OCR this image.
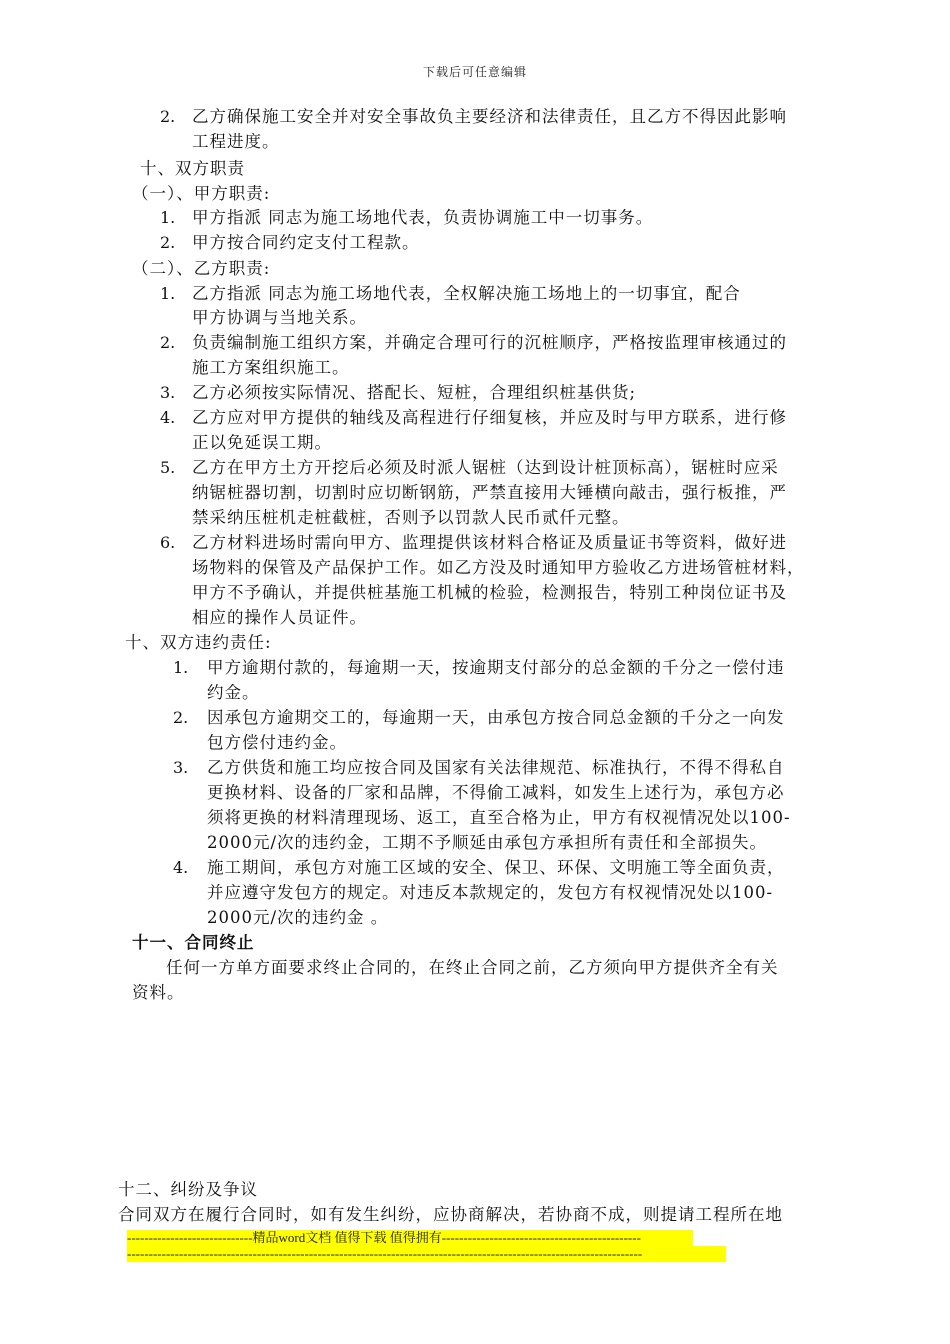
下载后可任意编辑
2. 乙方确保施工安全并对安全事故负主要经济和法律责任，且乙方不得因此影响
工程进度。
十、双方职责
（一）、甲方职责:
1. 甲方指派 同志为施工场地代表，负责协调施工中一切事务。
2. 甲方按合同约定支付工程款。
（二）、乙方职责:
1. 乙方指派 同志为施工场地代表，全权解决施工场地上的一切事宜，配合
甲方协调与当地关系。
2. 负责编制施工组织方案，并确定合理可行的沉桩顺序，严格按监理审核通过的
施工方案组织施工。
3. 乙方必须按实际情况、搭配长、短桩，合理组织桩基供货;
4. 乙方应对甲方提供的轴线及高程进行仔细复核，并应及时与甲方联系，进行修
正以免延误工期。
5. 乙方在甲方土方开挖后必须及时派人锯桩（达到设计桩顶标高），锯桩时应采
纳锯桩器切割，切割时应切断钢筋，严禁直接用大锤横向敲击，强行板推，严
禁采纳压桩机走桩截桩，否则予以罚款人民币贰仟元整。
6. 乙方材料进场时需向甲方、监理提供该材料合格证及质量证书等资料，做好进
场物料的保管及产品保护工作。如乙方没及时通知甲方验收乙方进场管桩材料，
甲方不予确认，并提供桩基施工机械的检验，检测报告，特别工种岗位证书及
相应的操作人员证件。
十、双方违约责任:
1. 甲方逾期付款的，每逾期一天，按逾期支付部分的总金额的千分之一偿付违
约金。
2. 因承包方逾期交工的，每逾期一天，由承包方按合同总金额的千分之一向发
包方偿付违约金。
3. 乙方供货和施工均应按合同及国家有关法律规范、标准执行，不得不得私自
更换材料、设备的厂家和品牌，不得偷工减料，如发生上述行为，承包方必
须将更换的材料清理现场、返工，直至合格为止，甲方有权视情况处以100-
2000元/次的违约金，工期不予顺延由承包方承担所有责任和全部损失。
4. 施工期间，承包方对施工区域的安全、保卫、环保、文明施工等全面负责，
并应遵守发包方的规定。对违反本款规定的，发包方有权视情况处以100-
2000元/次的违约金 。
十一、合同终止
任何一方单方面要求终止合同的，在终止合同之前，乙方须向甲方提供齐全有关
资料。
十二、纠纷及争议
合同双方在履行合同时，如有发生纠纷，应协商解决，若协商不成，则提请工程所在地
-----------------------------精品word文档 值得下载 值得拥有----------------------------------------------
-----------------------------------------------------------------------------------------------------------------------
